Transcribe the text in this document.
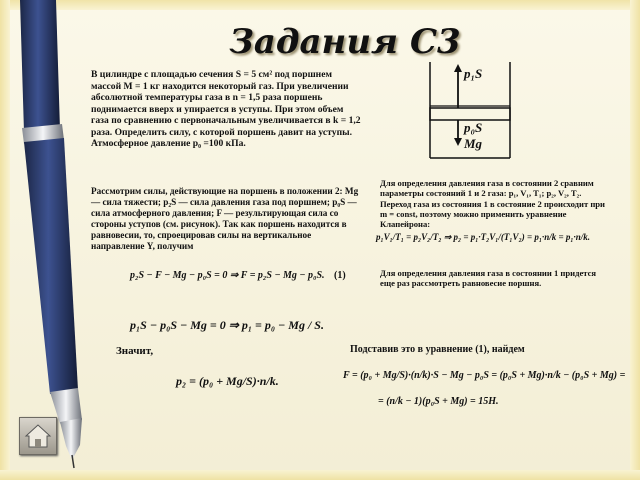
Задания С3
В цилиндре с площадью сечения S = 5 см² под поршнем массой M = 1 кг находится некоторый газ. При увеличении абсолютной температуры газа в n = 1,5 раза поршень поднимается вверх и упирается в уступы. При этом объем газа по сравнению с первоначальным увеличивается в k = 1,2 раза. Определить силу, с которой поршень давит на уступы. Атмосферное давление p₀ =100 кПа.
p₁S
p₀S
Mg
Рассмотрим силы, действующие на поршень в положении 2: Mg — сила тяжести; p₂S — сила давления газа под поршнем; p₀S — сила атмосферного давления; F — результирующая сила со стороны уступов (см. рисунок). Так как поршень находится в равновесии, то, спроецировав силы на вертикальное направление Y, получим
p₂S − F − Mg − p₀S = 0 ⇒ F = p₂S − Mg − p₀S. (1)
Для определения давления газа в состоянии 2 сравним параметры состояний 1 и 2 газа: p₁, V₁, T₁; p₂, V₂, T₂. Переход газа из состояния 1 в состояние 2 происходит при m = const, поэтому можно применить уравнение Клапейрона:
p₁V₁/T₁ = p₂V₂/T₂ ⇒ p₂ = p₁·T₂V₁/(T₁V₂) = p₁·n/k = p₁·n/k.
Для определения давления газа в состоянии 1 придется еще раз рассмотреть равновесие поршня.
p₁S − p₀S − Mg = 0 ⇒ p₁ = p₀ − Mg / S.
Значит,
p₂ = (p₀ + Mg/S)·n/k.
Подставив это в уравнение (1), найдем
F = (p₀ + Mg/S)·(n/k)·S − Mg − p₀S = (p₀S + Mg)·n/k − (p₀S + Mg) =
= (n/k − 1)(p₀S + Mg) = 15H.
